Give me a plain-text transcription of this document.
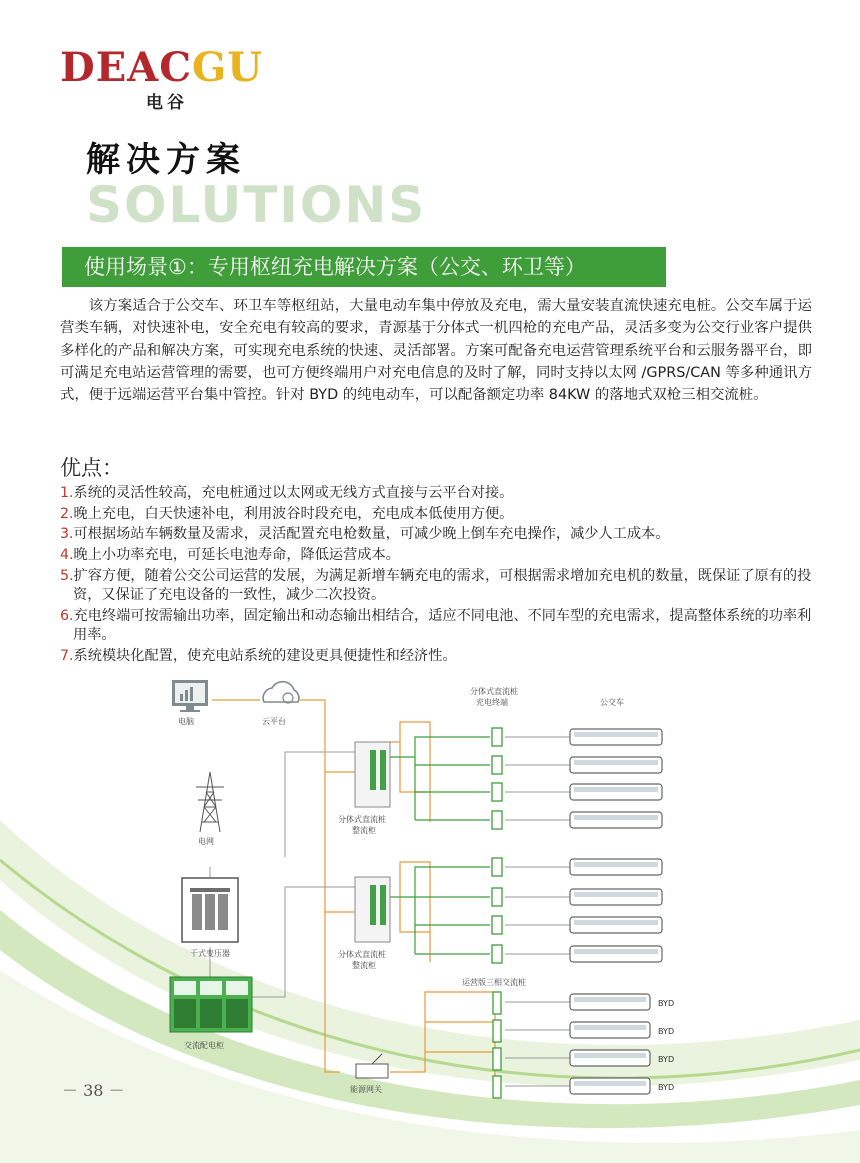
DEACGU
电谷
解决方案
SOLUTIONS
使用场景①：专用枢纽充电解决方案（公交、环卫等）
该方案适合于公交车、环卫车等枢纽站，大量电动车集中停放及充电，需大量安装直流快速充电桩。公交车属于运营类车辆，对快速补电，安全充电有较高的要求，青源基于分体式一机四枪的充电产品，灵活多变为公交行业客户提供多样化的产品和解决方案，可实现充电系统的快速、灵活部署。方案可配备充电运营管理系统平台和云服务器平台，即可满足充电站运营管理的需要，也可方便终端用户对充电信息的及时了解，同时支持以太网 /GPRS/CAN 等多种通讯方式，便于远端运营平台集中管控。针对 BYD 的纯电动车，可以配备额定功率 84KW 的落地式双枪三相交流桩。
优点：
1.系统的灵活性较高，充电桩通过以太网或无线方式直接与云平台对接。
2.晚上充电，白天快速补电，利用波谷时段充电，充电成本低使用方便。
3.可根据场站车辆数量及需求，灵活配置充电枪数量，可减少晚上倒车充电操作，减少人工成本。
4.晚上小功率充电，可延长电池寿命，降低运营成本。
5.扩容方便，随着公交公司运营的发展，为满足新增车辆充电的需求，可根据需求增加充电机的数量，既保证了原有的投资，又保证了充电设备的一致性，减少二次投资。
6.充电终端可按需输出功率，固定输出和动态输出相结合，适应不同电池、不同车型的充电需求，提高整体系统的功率利用率。
7.系统模块化配置，使充电站系统的建设更具便捷性和经济性。
电脑	云平台
电网
干式变压器
交流配电柜
分体式直流桩
整流柜
分体式直流桩
整流柜
能源网关
分体式直流桩
充电终端	公交车
运营版三相交流桩
BYD
BYD
BYD
BYD
－ 38 －
